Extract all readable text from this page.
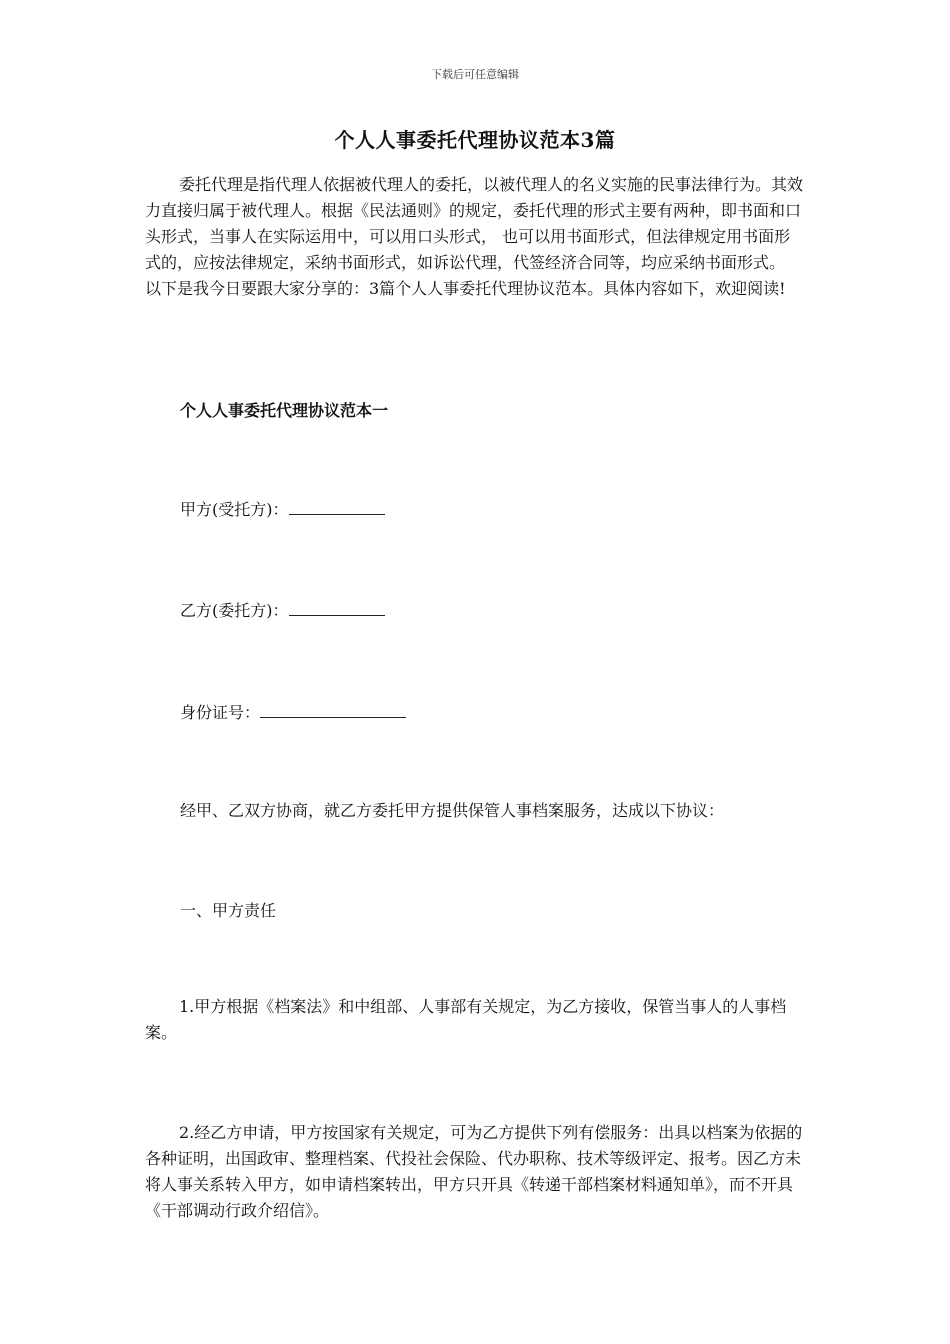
下载后可任意编辑
个人人事委托代理协议范本3篇

委托代理是指代理人依据被代理人的委托，以被代理人的名义实施的民事法律行为。其效力直接归属于被代理人。根据《民法通则》的规定，委托代理的形式主要有两种，即书面和口头形式，当事人在实际运用中，可以用口头形式， 也可以用书面形式，但法律规定用书面形式的，应按法律规定，采纳书面形式，如诉讼代理，代签经济合同等，均应采纳书面形式。 以下是我今日要跟大家分享的：3篇个人人事委托代理协议范本。具体内容如下，欢迎阅读!

个人人事委托代理协议范本一
甲方(受托方)：
乙方(委托方)：
身份证号：
经甲、乙双方协商，就乙方委托甲方提供保管人事档案服务，达成以下协议：
一、甲方责任

1.甲方根据《档案法》和中组部、人事部有关规定，为乙方接收，保管当事人的人事档案。

2.经乙方申请，甲方按国家有关规定，可为乙方提供下列有偿服务：出具以档案为依据的各种证明，出国政审、整理档案、代投社会保险、代办职称、技术等级评定、报考。因乙方未将人事关系转入甲方，如申请档案转出，甲方只开具《转递干部档案材料通知单》，而不开具《干部调动行政介绍信》。
